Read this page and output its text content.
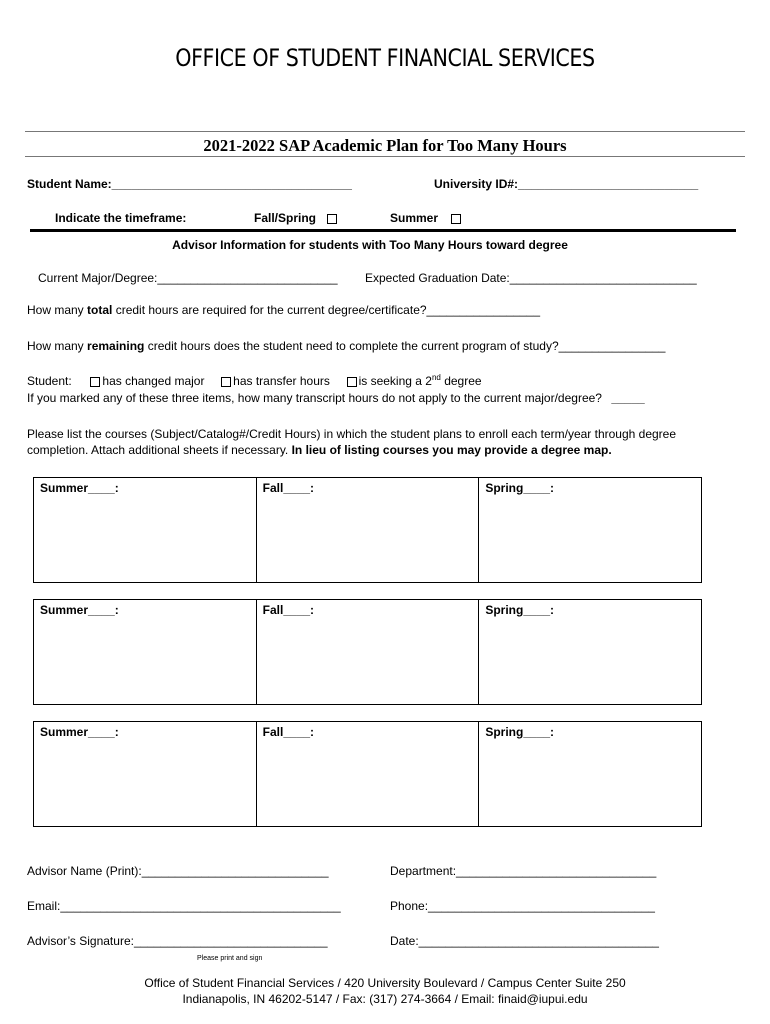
OFFICE OF STUDENT FINANCIAL SERVICES
2021-2022 SAP Academic Plan for Too Many Hours
Student Name:____________________________________	University ID#:___________________________
Indicate the timeframe:	Fall/Spring	Summer
Advisor Information for students with Too Many Hours toward degree
Current Major/Degree:___________________________ Expected Graduation Date:____________________________
How many total credit hours are required for the current degree/certificate?_________________
How many remaining credit hours does the student need to complete the current program of study?________________
Student:	has changed major has transfer hours is seeking a 2nd degree
If you marked any of these three items, how many transcript hours do not apply to the current major/degree? _____
Please list the courses (Subject/Catalog#/Credit Hours) in which the student plans to enroll each term/year through degree
completion. Attach additional sheets if necessary. In lieu of listing courses you may provide a degree map.
Summer____:	Fall____:	Spring____:
Summer____:	Fall____:	Spring____:
Summer____:	Fall____:	Spring____:
Advisor Name (Print):____________________________	Department:______________________________
Email:__________________________________________	Phone:__________________________________
Advisor’s Signature:_____________________________	Date:____________________________________
Please print and sign
Office of Student Financial Services / 420 University Boulevard / Campus Center Suite 250
Indianapolis, IN 46202-5147 / Fax: (317) 274-3664 / Email: finaid@iupui.edu
